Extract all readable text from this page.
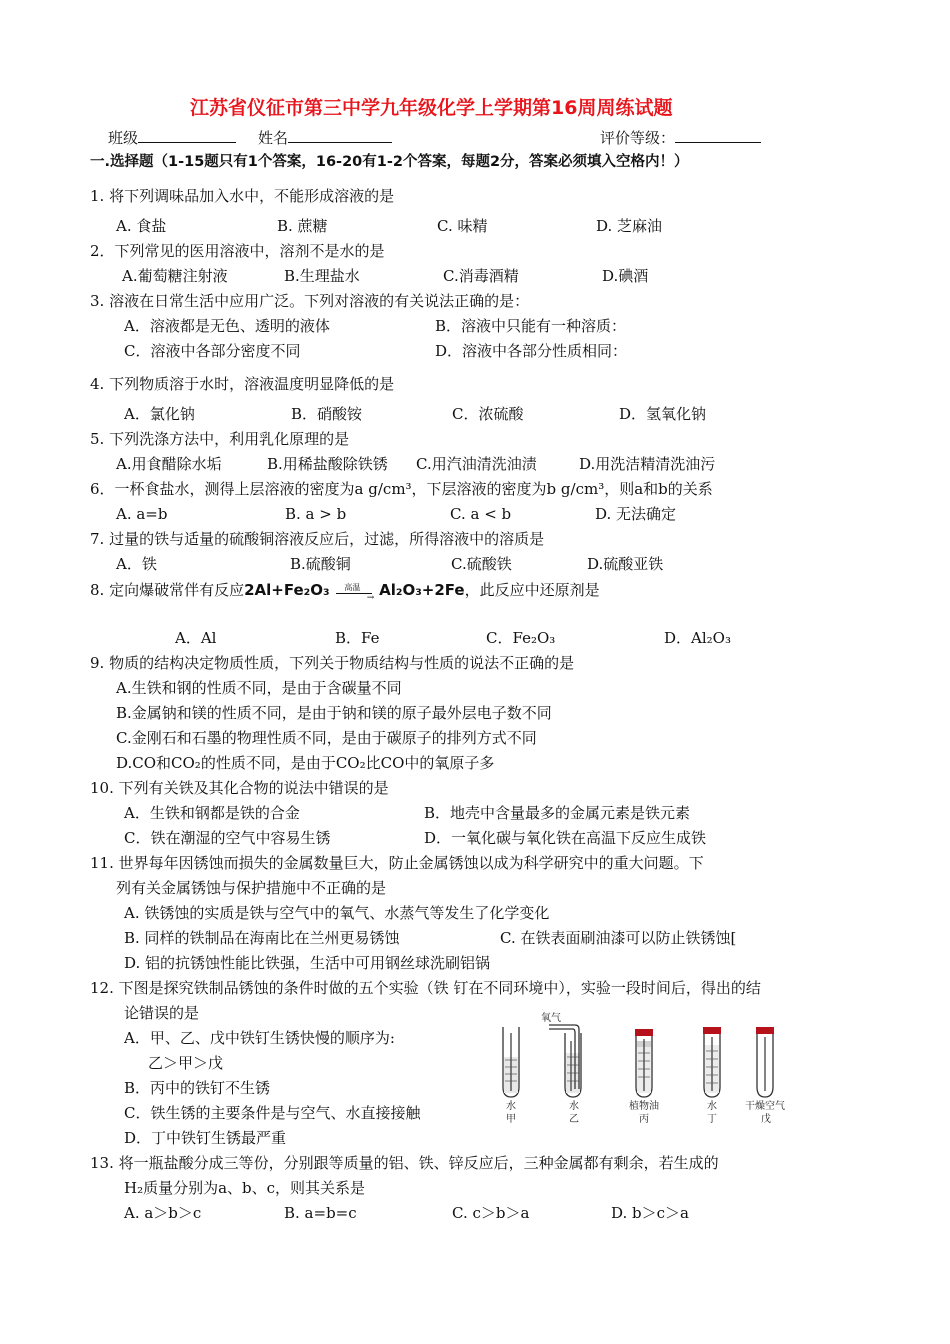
江苏省仪征市第三中学九年级化学上学期第16周周练试题
班级	姓名	评价等级：
一.选择题（1-15题只有1个答案，16-20有1-2个答案，每题2分，答案必须填入空格内！）
1. 将下列调味品加入水中，不能形成溶液的是
A. 食盐	B. 蔗糖	C. 味精	D. 芝麻油
2．下列常见的医用溶液中，溶剂不是水的是
A.葡萄糖注射液	B.生理盐水	C.消毒酒精	D.碘酒
3. 溶液在日常生活中应用广泛。下列对溶液的有关说法正确的是：
A．溶液都是无色、透明的液体	B．溶液中只能有一种溶质：
C．溶液中各部分密度不同	D．溶液中各部分性质相同：
4. 下列物质溶于水时，溶液温度明显降低的是
A．氯化钠	B．硝酸铵	C．浓硫酸	D．氢氧化钠
5. 下列洗涤方法中，利用乳化原理的是
A.用食醋除水垢	B.用稀盐酸除铁锈 C.用汽油清洗油渍	D.用洗洁精清洗油污
6．一杯食盐水，测得上层溶液的密度为a g/cm³，下层溶液的密度为b g/cm³，则a和b的关系
A. a=b	B. a > b	C. a < b	D. 无法确定
7. 过量的铁与适量的硫酸铜溶液反应后，过滤，所得溶液中的溶质是
A．铁	B.硫酸铜	C.硫酸铁	D.硫酸亚铁
8. 定向爆破常伴有反应2Al+Fe₂O₃ 高温
→ Al₂O₃+2Fe，此反应中还原剂是
A．Al	B．Fe	C．Fe₂O₃	D．Al₂O₃
9. 物质的结构决定物质性质，下列关于物质结构与性质的说法不正确的是
A.生铁和钢的性质不同，是由于含碳量不同
B.金属钠和镁的性质不同，是由于钠和镁的原子最外层电子数不同
C.金刚石和石墨的物理性质不同，是由于碳原子的排列方式不同
D.CO和CO₂的性质不同，是由于CO₂比CO中的氧原子多
10. 下列有关铁及其化合物的说法中错误的是
A．生铁和钢都是铁的合金	B．地壳中含量最多的金属元素是铁元素
C．铁在潮湿的空气中容易生锈	D．一氧化碳与氧化铁在高温下反应生成铁
11. 世界每年因锈蚀而损失的金属数量巨大，防止金属锈蚀以成为科学研究中的重大问题。下
列有关金属锈蚀与保护措施中不正确的是
A. 铁锈蚀的实质是铁与空气中的氧气、水蒸气等发生了化学变化
B. 同样的铁制品在海南比在兰州更易锈蚀	C. 在铁表面刷油漆可以防止铁锈蚀[
D. 铝的抗锈蚀性能比铁强，生活中可用钢丝球洗刷铝锅
12. 下图是探究铁制品锈蚀的条件时做的五个实验（铁 钉在不同环境中），实验一段时间后，得出的结
论错误的是
A．甲、乙、戊中铁钉生锈快慢的顺序为:
乙＞甲＞戊
B．丙中的铁钉不生锈
C．铁生锈的主要条件是与空气、水直接接触
D．丁中铁钉生锈最严重
氧气
水
甲
水
乙
植物油
丙
水
丁
干燥空气
戊
13. 将一瓶盐酸分成三等份，分别跟等质量的铝、铁、锌反应后，三种金属都有剩余，若生成的
H₂质量分别为a、b、c，则其关系是
A. a＞b＞c	B. a=b=c	C. c＞b＞a	D. b＞c＞a
